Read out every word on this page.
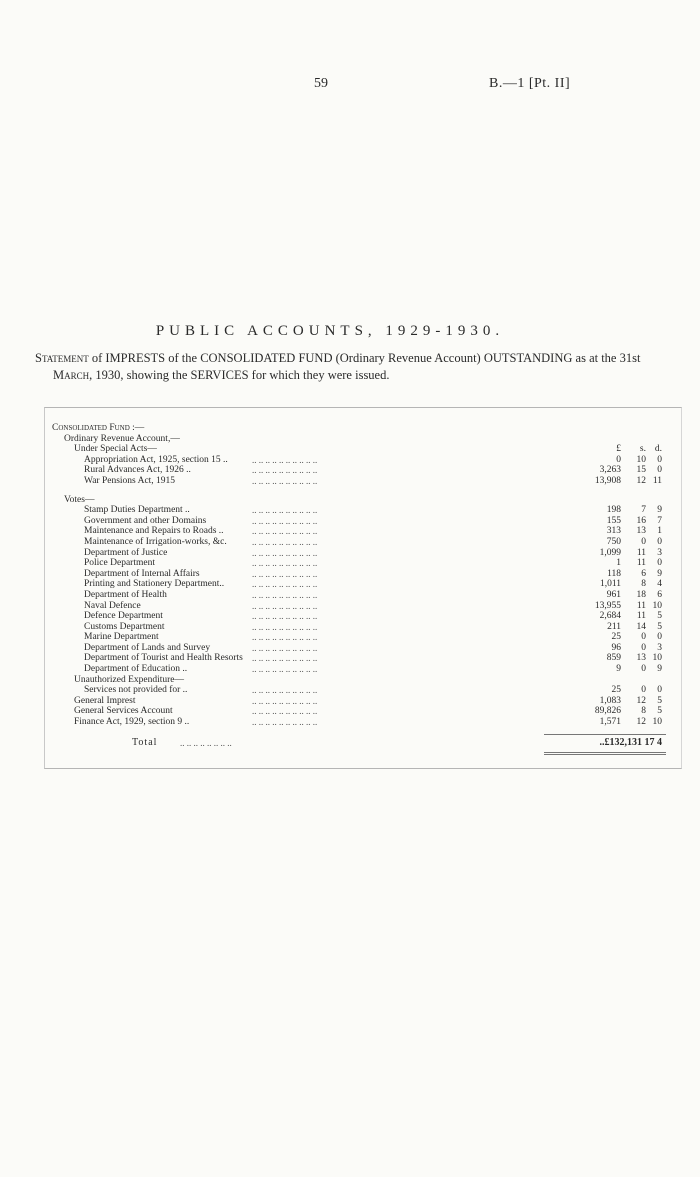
59	B.—1 [Pt. II]
PUBLIC ACCOUNTS, 1929-1930.
Statement of IMPRESTS of the CONSOLIDATED FUND (Ordinary Revenue Account) OUTSTANDING as at the 31st March, 1930, showing the SERVICES for which they were issued.
Consolidated Fund :—
Ordinary Revenue Account,—
Under Special Acts—	£	s. d.
Appropriation Act, 1925, section 15 ..	.. .. .. .. .. .. .. .. .. ..	0	10	0
Rural Advances Act, 1926 ..	.. .. .. .. .. .. .. .. .. ..	3,263	15	0
War Pensions Act, 1915	.. .. .. .. .. .. .. .. .. ..	13,908	12 11
Votes—
Stamp Duties Department ..	.. .. .. .. .. .. .. .. .. ..	198	7	9
Government and other Domains	.. .. .. .. .. .. .. .. .. ..	155	16	7
Maintenance and Repairs to Roads ..	.. .. .. .. .. .. .. .. .. ..	313	13	1
Maintenance of Irrigation-works, &c.	.. .. .. .. .. .. .. .. .. ..	750	0	0
Department of Justice	.. .. .. .. .. .. .. .. .. ..	1,099	11	3
Police Department	.. .. .. .. .. .. .. .. .. ..	1	11	0
Department of Internal Affairs	.. .. .. .. .. .. .. .. .. ..	118	6	9
Printing and Stationery Department..	.. .. .. .. .. .. .. .. .. ..	1,011	8	4
Department of Health	.. .. .. .. .. .. .. .. .. ..	961	18	6
Naval Defence	.. .. .. .. .. .. .. .. .. ..	13,955	11 10
Defence Department	.. .. .. .. .. .. .. .. .. ..	2,684	11	5
Customs Department	.. .. .. .. .. .. .. .. .. ..	211	14	5
Marine Department	.. .. .. .. .. .. .. .. .. ..	25	0	0
Department of Lands and Survey	.. .. .. .. .. .. .. .. .. ..	96	0	3
Department of Tourist and Health Resorts .. .. .. .. .. .. .. .. .. ..	859	13 10
Department of Education ..	.. .. .. .. .. .. .. .. .. ..	9	0	9
Unauthorized Expenditure—
Services not provided for ..	.. .. .. .. .. .. .. .. .. ..	25	0	0
General Imprest	.. .. .. .. .. .. .. .. .. ..	1,083	12	5
General Services Account	.. .. .. .. .. .. .. .. .. ..	89,826	8	5
Finance Act, 1929, section 9 ..	.. .. .. .. .. .. .. .. .. ..	1,571	12 10
Total	.. .. .. .. .. .. .. ..	..£132,131 17 4
